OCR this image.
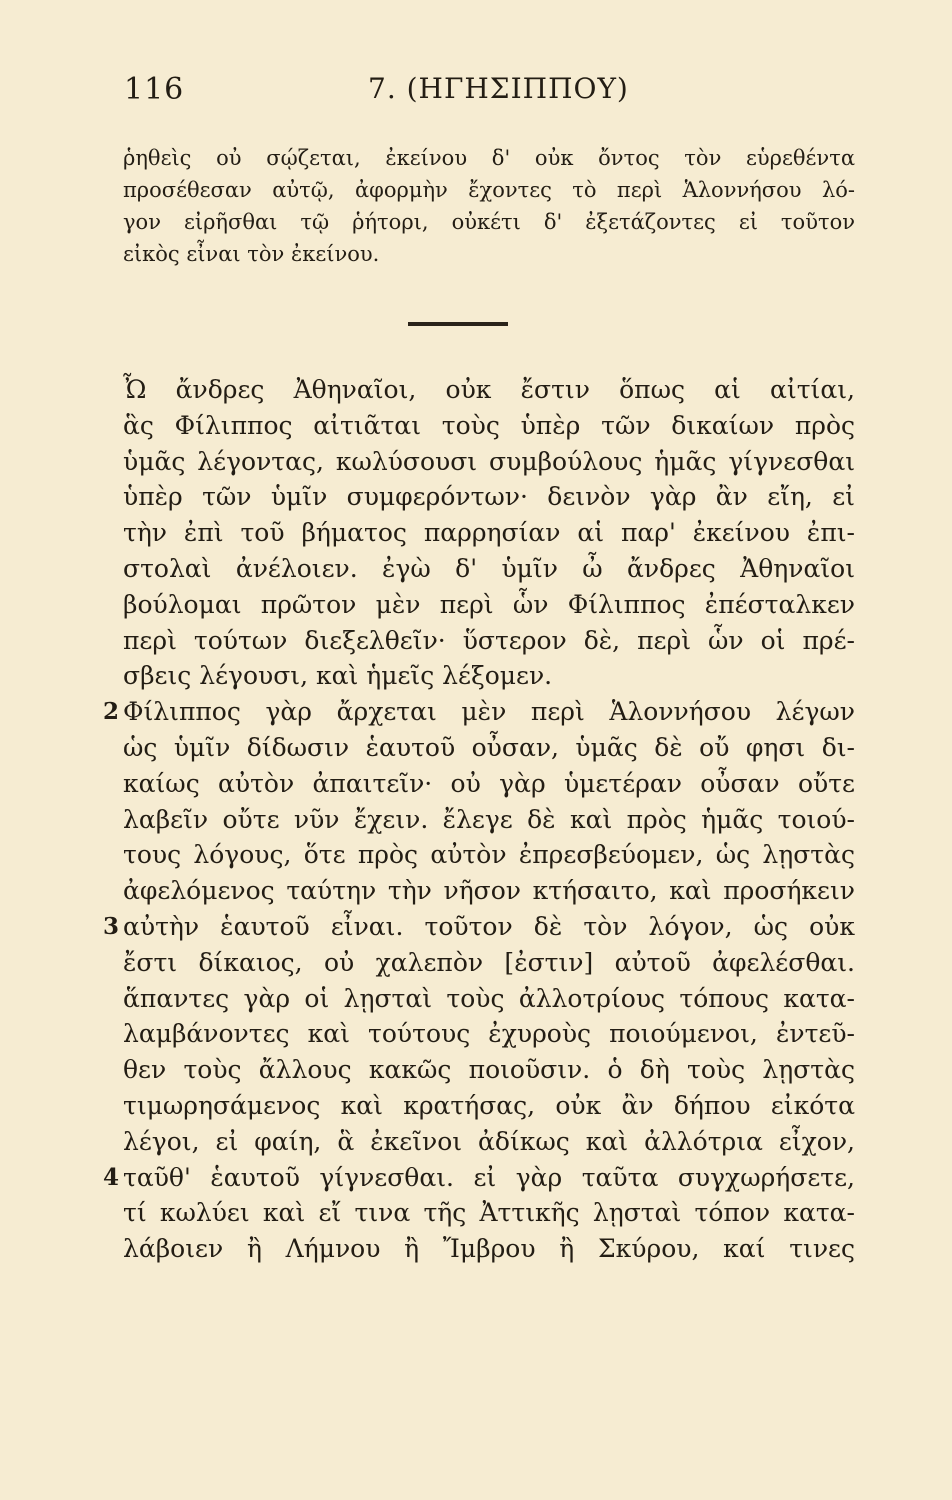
116	7. (ΗΓΗΣΙΠΠΟΥ)
ῥηθεὶς οὐ σῴζεται, ἐκείνου δ' οὐκ ὄντος τὸν εὑρεθέντα
προσέθεσαν αὐτῷ, ἀφορμὴν ἔχοντες τὸ περὶ Ἁλοννήσου λό-
γον εἰρῆσθαι τῷ ῥήτορι, οὐκέτι δ' ἐξετάζοντες εἰ τοῦτον
εἰκὸς εἶναι τὸν ἐκείνου.
Ὦ ἄνδρες Ἀθηναῖοι, οὐκ ἔστιν ὅπως αἱ αἰτίαι,
ἃς Φίλιππος αἰτιᾶται τοὺς ὑπὲρ τῶν δικαίων πρὸς
ὑμᾶς λέγοντας, κωλύσουσι συμβούλους ἡμᾶς γίγνεσθαι
ὑπὲρ τῶν ὑμῖν συμφερόντων· δεινὸν γὰρ ἂν εἴη, εἰ
τὴν ἐπὶ τοῦ βήματος παρρησίαν αἱ παρ' ἐκείνου ἐπι-
στολαὶ ἀνέλοιεν. ἐγὼ δ' ὑμῖν ὦ ἄνδρες Ἀθηναῖοι
βούλομαι πρῶτον μὲν περὶ ὧν Φίλιππος ἐπέσταλκεν
περὶ τούτων διεξελθεῖν· ὕστερον δὲ, περὶ ὧν οἱ πρέ-
σβεις λέγουσι, καὶ ἡμεῖς λέξομεν.
Φίλιππος γὰρ ἄρχεται μὲν περὶ Ἁλοννήσου λέγων
2
ὡς ὑμῖν δίδωσιν ἑαυτοῦ οὖσαν, ὑμᾶς δὲ οὔ φησι δι-
καίως αὐτὸν ἀπαιτεῖν· οὐ γὰρ ὑμετέραν οὖσαν οὔτε
λαβεῖν οὔτε νῦν ἔχειν. ἔλεγε δὲ καὶ πρὸς ἡμᾶς τοιού-
τους λόγους, ὅτε πρὸς αὐτὸν ἐπρεσβεύομεν, ὡς λῃστὰς
ἀφελόμενος ταύτην τὴν νῆσον κτήσαιτο, καὶ προσήκειν
αὐτὴν ἑαυτοῦ εἶναι. τοῦτον δὲ τὸν λόγον, ὡς οὐκ
3
ἔστι δίκαιος, οὐ χαλεπὸν [ἐστιν] αὐτοῦ ἀφελέσθαι.
ἅπαντες γὰρ οἱ λῃσταὶ τοὺς ἀλλοτρίους τόπους κατα-
λαμβάνοντες καὶ τούτους ἐχυροὺς ποιούμενοι, ἐντεῦ-
θεν τοὺς ἄλλους κακῶς ποιοῦσιν. ὁ δὴ τοὺς λῃστὰς
τιμωρησάμενος καὶ κρατήσας, οὐκ ἂν δήπου εἰκότα
λέγοι, εἰ φαίη, ἃ ἐκεῖνοι ἀδίκως καὶ ἀλλότρια εἶχον,
ταῦθ' ἑαυτοῦ γίγνεσθαι. εἰ γὰρ ταῦτα συγχωρήσετε,
4
τί κωλύει καὶ εἴ τινα τῆς Ἀττικῆς λῃσταὶ τόπον κατα-
λάβοιεν ἢ Λήμνου ἢ Ἴμβρου ἢ Σκύρου, καί τινες
